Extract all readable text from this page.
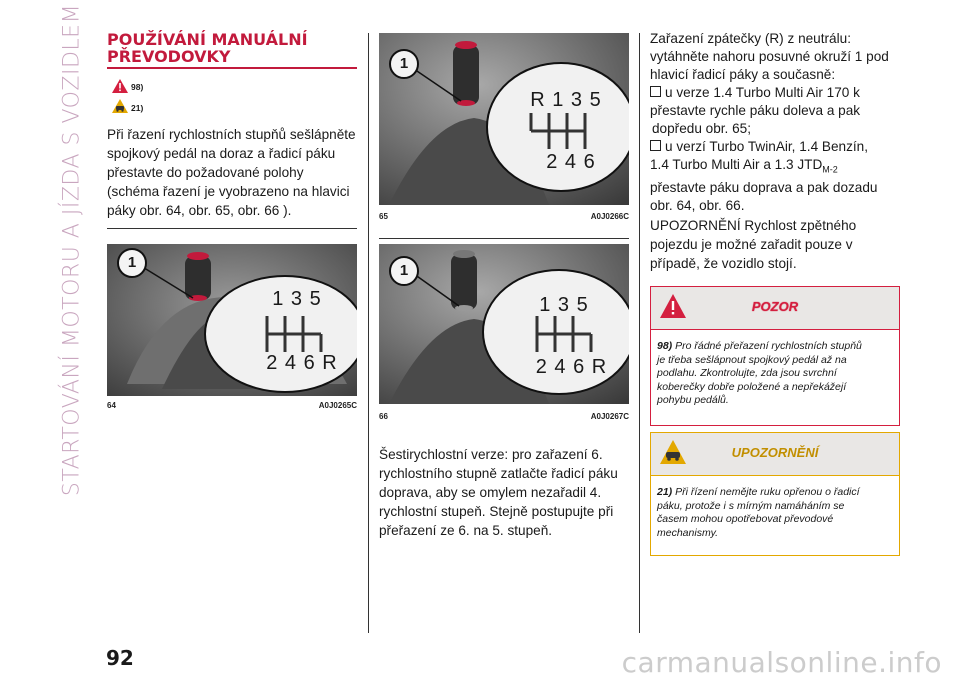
STARTOVÁNÍ MOTORU A JÍZDA S VOZIDLEM POUŽÍVÁNÍ MANUÁLNÍ
PŘEVODOVKY
98)
21)
Při řazení rychlostních stupňů sešlápněte
spojkový pedál na doraz a řadicí páku
přestavte do požadované polohy
(schéma řazení je vyobrazeno na hlavici
páky obr. 64, obr. 65, obr. 66 ).
1
1 3 5
2 4 6 R
64	A0J0265C
1
R 1 3 5
2 4 6
65	A0J0266C
1
1 3 5
2 4 6 R
66	A0J0267C
Šestirychlostní verze: pro zařazení 6.
rychlostního stupně zatlačte řadicí páku
doprava, aby se omylem nezařadil 4.
rychlostní stupeň. Stejně postupujte při
přeřazení ze 6. na 5. stupeň.
Zařazení zpátečky (R) z neutrálu:
vytáhněte nahoru posuvné okruží 1 pod
hlavicí řadicí páky a současně:
u verze 1.4 Turbo Multi Air 170 k
přestavte rychle páku doleva a pak
dopředu obr. 65;
u verzí Turbo TwinAir, 1.4 Benzín,
1.4 Turbo Multi Air a 1.3 $JTD_{M-2}$
přestavte páku doprava a pak dozadu
obr. 64, obr. 66.
UPOZORNĚNÍ Rychlost zpětného
pojezdu je možné zařadit pouze v
případě, že vozidlo stojí.
POZOR
98) Pro řádné přeřazení rychlostních stupňů
je třeba sešlápnout spojkový pedál až na
podlahu. Zkontrolujte, zda jsou svrchní
koberečky dobře položené a nepřekážejí
pohybu pedálů.
UPOZORNĚNÍ
21) Při řízení nemějte ruku opřenou o řadicí
páku, protože i s mírným namáháním se
časem mohou opotřebovat převodové
mechanismy.
92	carmanualsonline.info
